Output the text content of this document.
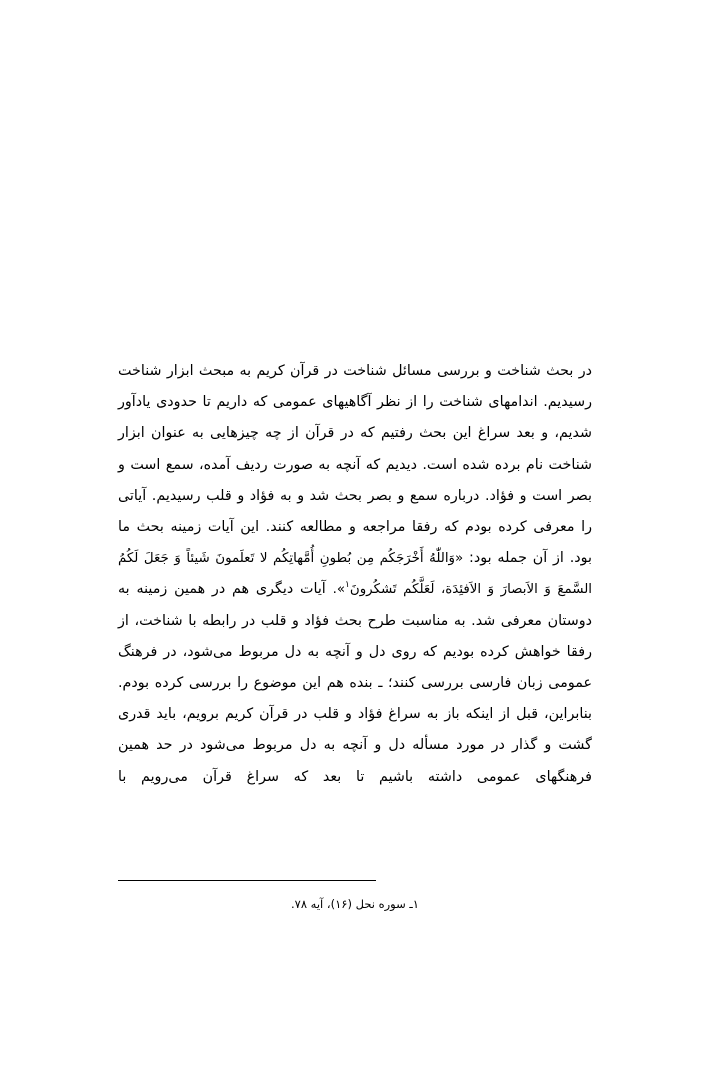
در بحث شناخت و بررسی مسائل شناخت در قرآن کریم به مبحث ابزار شناخت رسیدیم. اندامهای شناخت را از نظر آگاهیهای عمومی که داریم تا حدودی یادآور شدیم، و بعد سراغ این بحث رفتیم که در قرآن از چه چیزهایی به عنوان ابزار شناخت نام برده شده است. دیدیم که آنچه به صورت ردیف آمده، سمع است و بصر است و فؤاد. درباره سمع و بصر بحث شد و به فؤاد و قلب رسیدیم. آیاتی را معرفی کرده بودم که رفقا مراجعه و مطالعه کنند. این آیات زمینه بحث ما بود. از آن جمله بود: «وَاللّٰهُ أَخْرَجَكُم مِن بُطونِ أُمَّهاتِكُم لا تَعلَمونَ شَیئاً وَ جَعَلَ لَكُمُ السَّمعَ وَ الاَبصارَ وَ الاَفئِدَة، لَعَلَّكُم تَشكُرونَ$^۱$». آیات دیگری هم در همین زمینه به دوستان معرفی شد. به مناسبت طرح بحث فؤاد و قلب در رابطه با شناخت، از رفقا خواهش کرده بودیم که روی دل و آنچه به دل مربوط می‌شود، در فرهنگ عمومی زبان فارسی بررسی کنند؛ ـ بنده هم این موضوع را بررسی کرده بودم. بنابراین، قبل از اینکه باز به سراغ فؤاد و قلب در قرآن کریم برویم، باید قدری گشت و گذار در مورد مسأله دل و آنچه به دل مربوط می‌شود در حد همین فرهنگهای عمومی داشته باشیم تا بعد که سراغ قرآن می‌رویم با

۱ـ سوره نحل (۱۶)، آیه ۷۸.
